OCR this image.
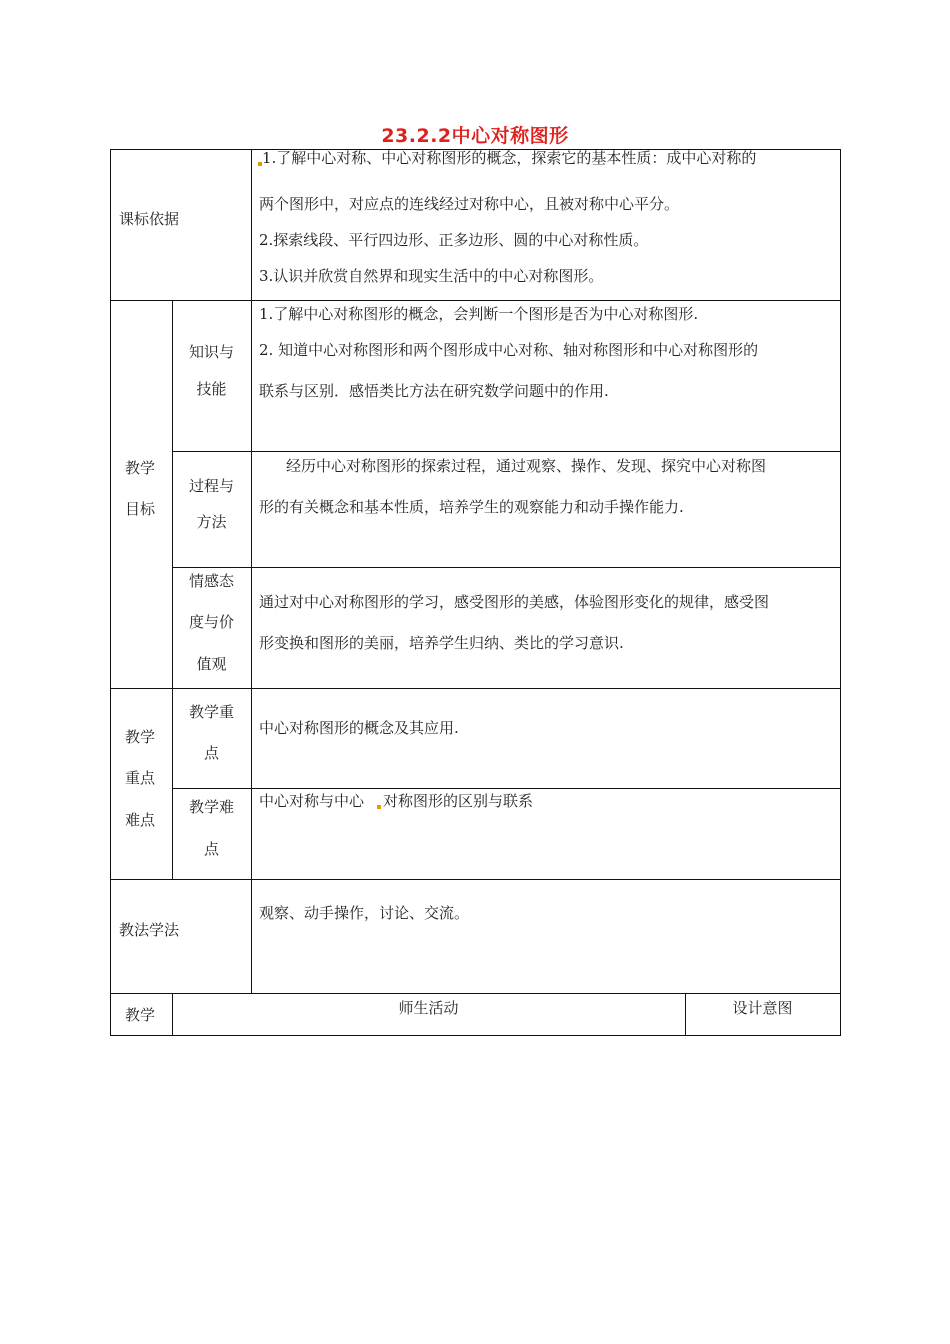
23.2.2中心对称图形
课标依据
1.了解中心对称、中心对称图形的概念，探索它的基本性质：成中心对称的
两个图形中，对应点的连线经过对称中心，且被对称中心平分。
2.探索线段、平行四边形、正多边形、圆的中心对称性质。
3.认识并欣赏自然界和现实生活中的中心对称图形。
教学
目标
知识与
技能
1.了解中心对称图形的概念，会判断一个图形是否为中心对称图形.
2. 知道中心对称图形和两个图形成中心对称、轴对称图形和中心对称图形的
联系与区别．感悟类比方法在研究数学问题中的作用.
过程与
方法
经历中心对称图形的探索过程，通过观察、操作、发现、探究中心对称图
形的有关概念和基本性质，培养学生的观察能力和动手操作能力.
情感态
度与价
值观
通过对中心对称图形的学习，感受图形的美感，体验图形变化的规律，感受图
形变换和图形的美丽，培养学生归纳、类比的学习意识.
教学
重点
难点
教学重
点
中心对称图形的概念及其应用.
教学难
点
中心对称与中心 对称图形的区别与联系
教法学法
观察、动手操作，讨论、交流。
教学	师生活动	设计意图
